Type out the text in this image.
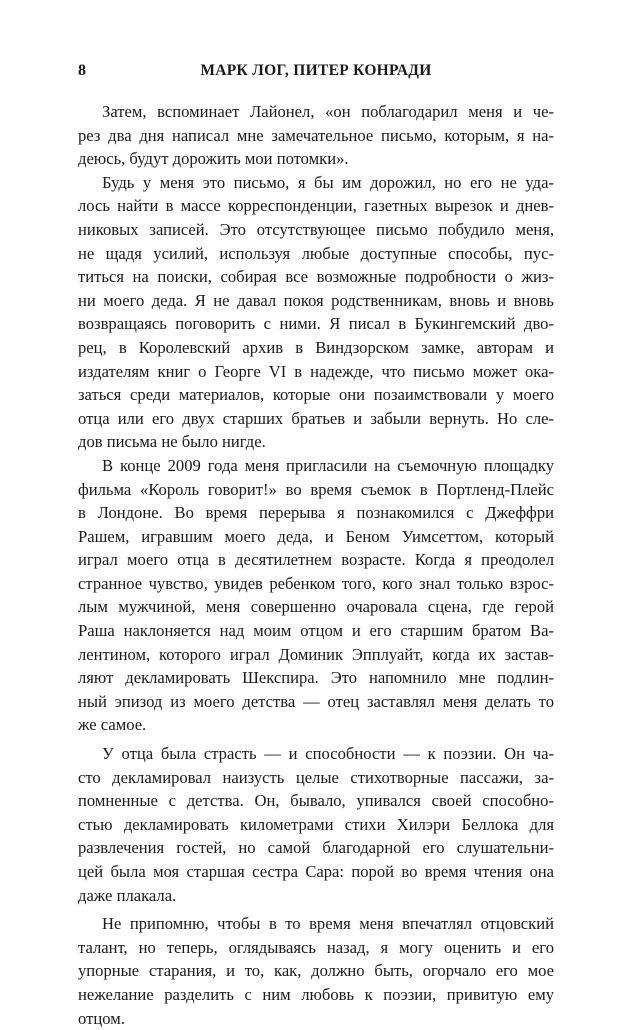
8	МАРК ЛОГ, ПИТЕР КОНРАДИ
Затем, вспоминает Лайонел, «он поблагодарил меня и че-
рез два дня написал мне замечательное письмо, которым, я на-
деюсь, будут дорожить мои потомки».
Будь у меня это письмо, я бы им дорожил, но его не уда-
лось найти в массе корреспонденции, газетных вырезок и днев-
никовых записей. Это отсутствующее письмо побудило меня,
не щадя усилий, используя любые доступные способы, пус-
титься на поиски, собирая все возможные подробности о жиз-
ни моего деда. Я не давал покоя родственникам, вновь и вновь
возвращаясь поговорить с ними. Я писал в Букингемский дво-
рец, в Королевский архив в Виндзорском замке, авторам и
издателям книг о Георге VI в надежде, что письмо может ока-
заться среди материалов, которые они позаимствовали у моего
отца или его двух старших братьев и забыли вернуть. Но сле-
дов письма не было нигде.
В конце 2009 года меня пригласили на съемочную площадку
фильма «Король говорит!» во время съемок в Портленд-Плейс
в Лондоне. Во время перерыва я познакомился с Джеффри
Рашем, игравшим моего деда, и Беном Уимсеттом, который
играл моего отца в десятилетнем возрасте. Когда я преодолел
странное чувство, увидев ребенком того, кого знал только взрос-
лым мужчиной, меня совершенно очаровала сцена, где герой
Раша наклоняется над моим отцом и его старшим братом Ва-
лентином, которого играл Доминик Эпплуайт, когда их застав-
ляют декламировать Шекспира. Это напомнило мне подлин-
ный эпизод из моего детства — отец заставлял меня делать то
же самое.
У отца была страсть — и способности — к поэзии. Он ча-
сто декламировал наизусть целые стихотворные пассажи, за-
помненные с детства. Он, бывало, упивался своей способно-
стью декламировать километрами стихи Хилэри Беллока для
развлечения гостей, но самой благодарной его слушательни-
цей была моя старшая сестра Сара: порой во время чтения она
даже плакала.
Не припомню, чтобы в то время меня впечатлял отцовский
талант, но теперь, оглядываясь назад, я могу оценить и его
упорные старания, и то, как, должно быть, огорчало его мое
нежелание разделить с ним любовь к поэзии, привитую ему
отцом.
